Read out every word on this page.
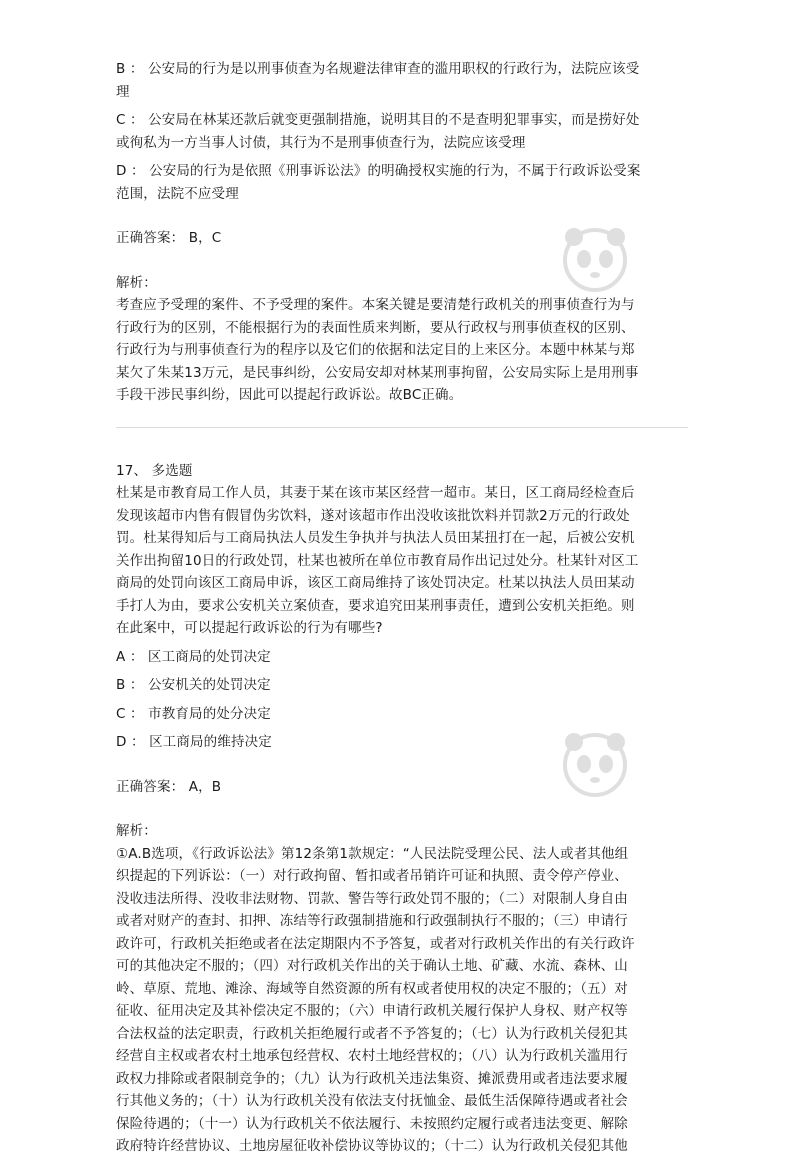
B ： 公安局的行为是以刑事侦查为名规避法律审查的滥用职权的行政行为，法院应该受
理
C ： 公安局在林某还款后就变更强制措施，说明其目的不是查明犯罪事实，而是捞好处
或徇私为一方当事人讨债，其行为不是刑事侦查行为，法院应该受理
D ： 公安局的行为是依照《刑事诉讼法》的明确授权实施的行为，不属于行政诉讼受案
范围，法院不应受理
正确答案： B，C
解析：
考查应予受理的案件、不予受理的案件。本案关键是要清楚行政机关的刑事侦查行为与
行政行为的区别，不能根据行为的表面性质来判断，要从行政权与刑事侦查权的区别、
行政行为与刑事侦查行为的程序以及它们的依据和法定目的上来区分。本题中林某与郑
某欠了朱某13万元，是民事纠纷，公安局安却对林某刑事拘留，公安局实际上是用刑事
手段干涉民事纠纷，因此可以提起行政诉讼。故BC正确。
17、 多选题
杜某是市教育局工作人员，其妻于某在该市某区经营一超市。某日，区工商局经检查后
发现该超市内售有假冒伪劣饮料，遂对该超市作出没收该批饮料并罚款2万元的行政处
罚。杜某得知后与工商局执法人员发生争执并与执法人员田某扭打在一起，后被公安机
关作出拘留10日的行政处罚，杜某也被所在单位市教育局作出记过处分。杜某针对区工
商局的处罚向该区工商局申诉，该区工商局维持了该处罚决定。杜某以执法人员田某动
手打人为由，要求公安机关立案侦查，要求追究田某刑事责任，遭到公安机关拒绝。则
在此案中，可以提起行政诉讼的行为有哪些?
A ： 区工商局的处罚决定
B ： 公安机关的处罚决定
C ： 市教育局的处分决定
D ： 区工商局的维持决定
正确答案： A，B
解析：
①A.B选项，《行政诉讼法》第12条第1款规定：“人民法院受理公民、法人或者其他组
织提起的下列诉讼：（一）对行政拘留、暂扣或者吊销许可证和执照、责令停产停业、
没收违法所得、没收非法财物、罚款、警告等行政处罚不服的；（二）对限制人身自由
或者对财产的查封、扣押、冻结等行政强制措施和行政强制执行不服的；（三）申请行
政许可，行政机关拒绝或者在法定期限内不予答复，或者对行政机关作出的有关行政许
可的其他决定不服的；（四）对行政机关作出的关于确认土地、矿藏、水流、森林、山
岭、草原、荒地、滩涂、海域等自然资源的所有权或者使用权的决定不服的；（五）对
征收、征用决定及其补偿决定不服的；（六）申请行政机关履行保护人身权、财产权等
合法权益的法定职责，行政机关拒绝履行或者不予答复的；（七）认为行政机关侵犯其
经营自主权或者农村土地承包经营权、农村土地经营权的；（八）认为行政机关滥用行
政权力排除或者限制竞争的；（九）认为行政机关违法集资、摊派费用或者违法要求履
行其他义务的；（十）认为行政机关没有依法支付抚恤金、最低生活保障待遇或者社会
保险待遇的；（十一）认为行政机关不依法履行、未按照约定履行或者违法变更、解除
政府特许经营协议、土地房屋征收补偿协议等协议的；（十二）认为行政机关侵犯其他
